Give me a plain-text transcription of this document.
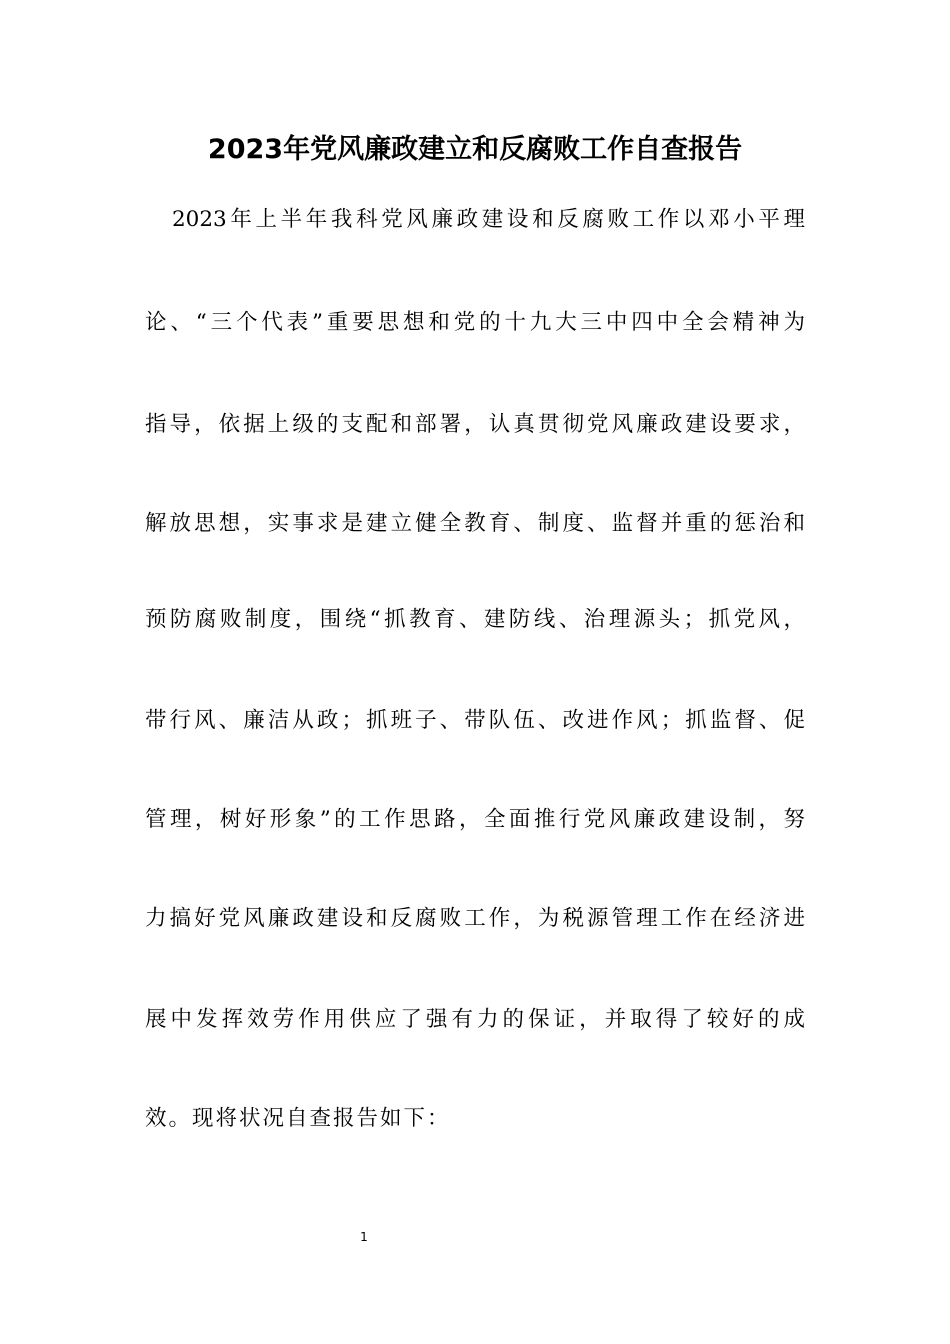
2023年党风廉政建立和反腐败工作自查报告
2023年上半年我科党风廉政建设和反腐败工作以邓小平理
论、“三个代表”重要思想和党的十九大三中四中全会精神为
指导，依据上级的支配和部署，认真贯彻党风廉政建设要求，
解放思想，实事求是建立健全教育、制度、监督并重的惩治和
预防腐败制度，围绕“抓教育、建防线、治理源头；抓党风，
带行风、廉洁从政；抓班子、带队伍、改进作风；抓监督、促
管理，树好形象”的工作思路，全面推行党风廉政建设制，努
力搞好党风廉政建设和反腐败工作，为税源管理工作在经济进
展中发挥效劳作用供应了强有力的保证，并取得了较好的成
效。现将状况自查报告如下：
1
